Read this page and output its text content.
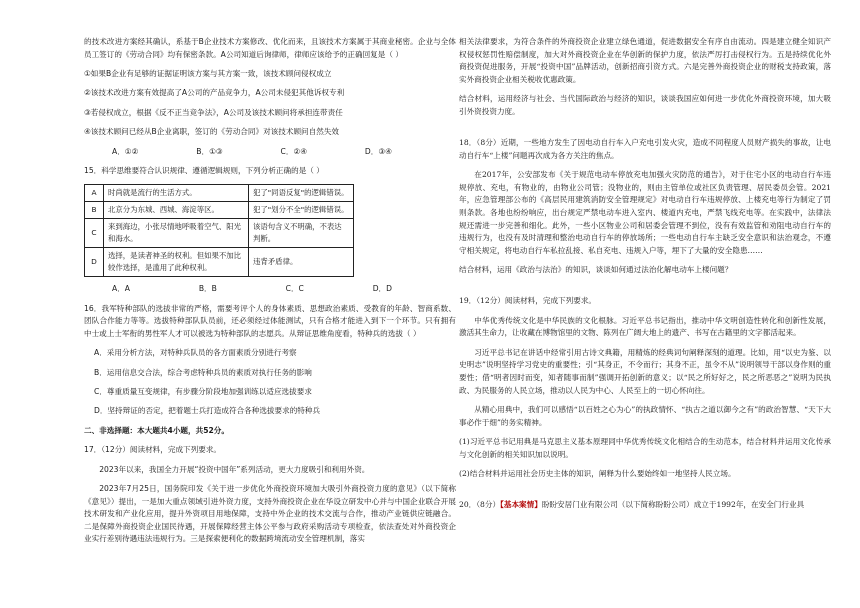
的技术改进方案经其确认，系基于B企业技术方案修改、优化而来，且该技术方案属于其商业秘密。企业与全体员工签订的《劳动合同》均有保密条款。A公司知道后询律师，律师应该给予的正确回复是（ ）

①如果B企业有足够的证据证明该方案与其方案一致，该技术顾问侵权成立

②该技术改进方案有效提高了A公司的产品竞争力，A公司未侵犯其他诉权专利

③若侵权成立，根据《反不正当竞争法》，A公司及该技术顾问将承担连带责任

④该技术顾问已经从B企业离职，签订的《劳动合同》对该技术顾问自然失效

A．①②	B．①③	C．②④	D．③④

15．科学思维要符合认识规律、遵循逻辑规则，下列分析正确的是（ ）

A	时尚就是流行的生活方式。	犯了"同语反复"的逻辑错误。
B	北京分为东城、西城、海淀等区。	犯了"划分不全"的逻辑错误。
C	来到海边，小张尽情地呼吸着空气、阳光和海水。	该语句含义不明确，不表达判断。
D	选择，是读者神圣的权利。但如果不加比较作选择，是滥用了此种权利。	违背矛盾律。
A．A	B．B	C．C	D．D

16．我军特种部队的选拔非常的严格，需要考评个人的身体素质、思想政治素质、受教育的年龄、智商系数、团队合作能力等等。选拔特种部队队员前，还必须经过体能测试，只有合格才能进入到下一个环节。只有拥有中士或上士军衔的男性军人才可以被选为特种部队的志愿兵。从辩证思维角度看，特种兵的选拔（ ）

A．采用分析方法，对特种兵队员的各方面素质分别进行考察

B．运用信息交合法，综合考虑特种兵员的素质对执行任务的影响

C．尊重质量互变规律，有步骤分阶段地加强训练以适应选拔要求

D．坚持辩证的否定，把着题士兵打造成符合各种选拔要求的特种兵

二、非选择题：本大题共4小题，共52分。

17．（12分）阅读材料，完成下列要求。

2023年以来，我国全力开展“投资中国年”系列活动，更大力度吸引和利用外资。

2023年7月25日，国务院印发《关于进一步优化外商投资环境加大吸引外商投资力度的意见》（以下简称《意见》）提出，一是加大重点领域引进外资力度，支持外商投资企业在华设立研发中心并与中国企业联合开展技术研发和产业化应用，提升外资项目用地保障，支持中外企业的技术交流与合作，推动产业链供应链融合。二是保障外商投资企业国民待遇，开展保障经营主体公平参与政府采购活动专项检查，依法查处对外商投资企业实行差别待遇违法违规行为。三是探索便利化的数据跨境流动安全管理机制，落实

相关法律要求，为符合条件的外商投资企业建立绿色通道，促进数据安全有序自由流动。四是建立健全知识产权侵权惩罚性赔偿制度，加大对外商投资企业在华创新的保护力度，依法严厉打击侵权行为。五是持续优化外商投资促进服务，开展“投资中国”品牌活动，创新招商引资方式。六是完善外商投资企业的财税支持政策，落实外商投资企业相关税收优惠政策。

结合材料，运用经济与社会、当代国际政治与经济的知识，谈谈我国应如何进一步优化外商投资环境，加大吸引外资投资力度。

18．（8分）近期，一些地方发生了因电动自行车入户充电引发火灾，造成不同程度人员财产损失的事故，让电动自行车“上楼”问题再次成为各方关注的焦点。

在2017年，公安部发布《关于规范电动车停放充电加强火灾防范的通告》，对于住宅小区的电动自行车违规停放、充电，有物业的，由物业公司管；没物业的，则由主管单位或社区负责管理、居民委员会管。2021年，应急管理部公布的《高层民用建筑消防安全管理规定》对电动自行车违规停放、上楼充电等行为制定了罚则条款。各地也纷纷响应，出台规定严禁电动车进入室内、楼道内充电，严禁飞线充电等。在实践中，法律法规还需进一步完善和细化。此外，一些小区物业公司和居委会管理不到位，没有有效监管和劝阻电动自行车的违规行为，也没有及时清理和整治电动自行车的停放场所；一些电动自行车主缺乏安全意识和法治观念，不遵守相关规定，将电动自行车私拉乱接、私自充电、违规入户等，埋下了大量的安全隐患……

结合材料，运用《政治与法治》的知识，谈谈如何通过法治化解电动车上楼问题？

19．（12分）阅读材料，完成下列要求。

中华优秀传统文化是中华民族的文化根脉。习近平总书记指出，推动中华文明创造性转化和创新性发展，激活其生命力，让收藏在博物馆里的文物、陈列在广阔大地上的遗产、书写在古籍里的文字都活起来。

习近平总书记在讲话中经常引用古诗文典籍，用精炼的经典词句阐释深刻的道理。比如，用“以史为鉴、以史明志”说明坚持学习党史的重要性；引“其身正，不令而行；其身不正，虽令不从”说明领导干部以身作则的重要性；借“明者因时而变，知者随事而制”强调开拓创新的意义；以“民之所好好之，民之所恶恶之”说明为民执政、为民服务的人民立场，推动以人民为中心、人民至上的一切心怀向往。

从精心用典中，我们可以感悟“以百姓之心为心”的执政情怀、“执古之道以御今之有”的政治智慧、“天下大事必作于细”的务实精神。

(1)习近平总书记用典是马克思主义基本原理同中华优秀传统文化相结合的生动范本，结合材料并运用文化传承与文化创新的相关知识加以说明。

(2)结合材料并运用社会历史主体的知识，阐释为什么要始终如一地坚持人民立场。

20．（8分）【基本案情】盼盼安居门业有限公司（以下简称盼盼公司）成立于1992年，在安全门行业具
